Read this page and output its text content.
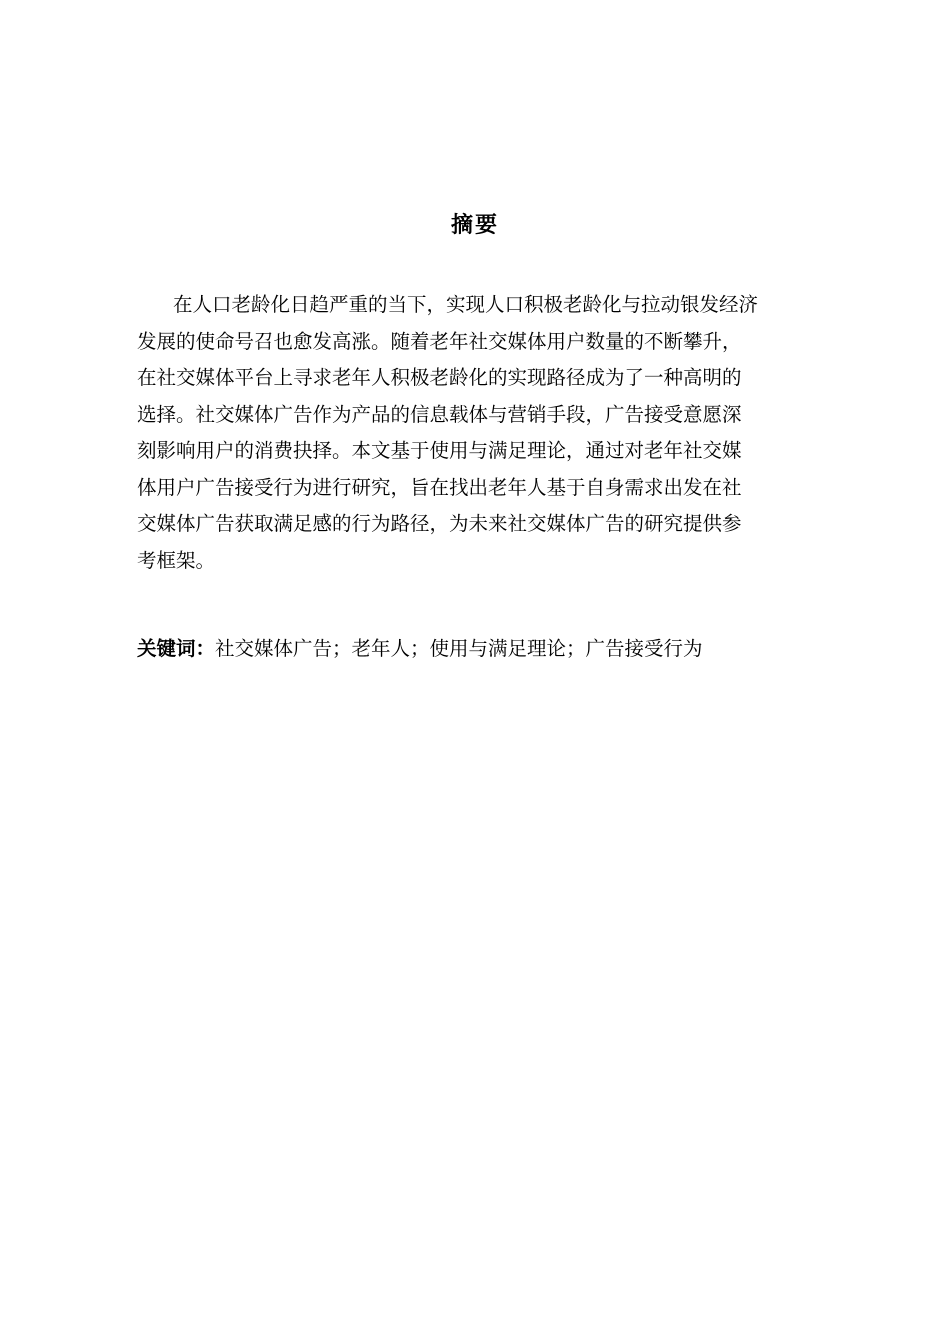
摘要
在人口老龄化日趋严重的当下，实现人口积极老龄化与拉动银发经济
发展的使命号召也愈发高涨。随着老年社交媒体用户数量的不断攀升，
在社交媒体平台上寻求老年人积极老龄化的实现路径成为了一种高明的
选择。社交媒体广告作为产品的信息载体与营销手段，广告接受意愿深
刻影响用户的消费抉择。本文基于使用与满足理论，通过对老年社交媒
体用户广告接受行为进行研究，旨在找出老年人基于自身需求出发在社
交媒体广告获取满足感的行为路径，为未来社交媒体广告的研究提供参
考框架。
关键词：社交媒体广告；老年人；使用与满足理论；广告接受行为
